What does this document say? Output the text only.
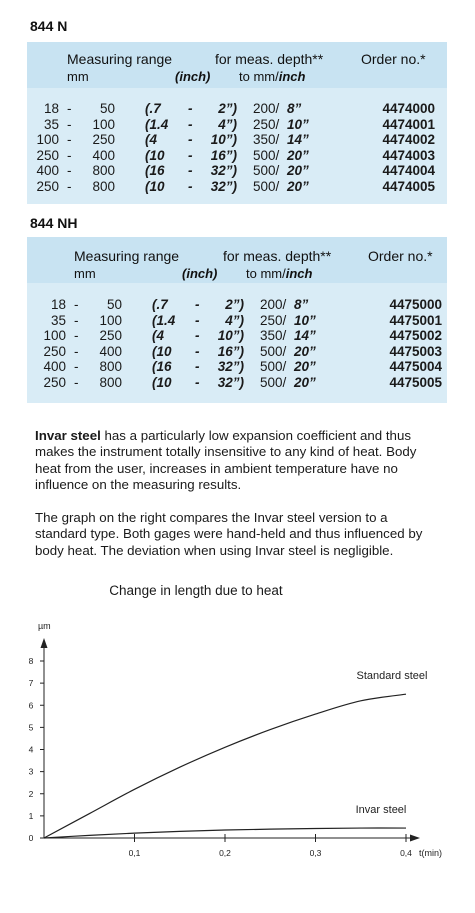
844 N
Measuring range	for meas. depth**	Order no.*
mm	(inch) to mm/inch
18 -	50 (.7 -	2”) 200/ 8”	4474000
35 -	100 (1.4 -	4”) 250/ 10”	4474001
100 -	250 (4 -	10”) 350/ 14”	4474002
250 -	400 (10 -	16”) 500/ 20”	4474003
400 -	800 (16 -	32”) 500/ 20”	4474004
250 -	800 (10 -	32”) 500/ 20”	4474005
844 NH
Measuring range	for meas. depth**	Order no.*
mm	(inch) to mm/inch
18 -	50 (.7 -	2”) 200/ 8”	4475000
35 -	100 (1.4 -	4”) 250/ 10”	4475001
100 -	250 (4 -	10”) 350/ 14”	4475002
250 -	400 (10 -	16”) 500/ 20”	4475003
400 -	800 (16 -	32”) 500/ 20”	4475004
250 -	800 (10 -	32”) 500/ 20”	4475005
Invar steel has a particularly low expansion coefficient and thus makes the instrument totally insensitive to any kind of heat. Body heat from the user, increases in ambient temperature have no influence on the measuring results.
The graph on the right compares the Invar steel version to a standard type. Both gages were hand-held and thus influenced by body heat. The deviation when using Invar steel is negligible.
Change in length due to heat
µm
t(min)
0
1
2
3
4
5
6
7
8
0,1	0,2	0,3	0,4
Standard steel
Invar steel
